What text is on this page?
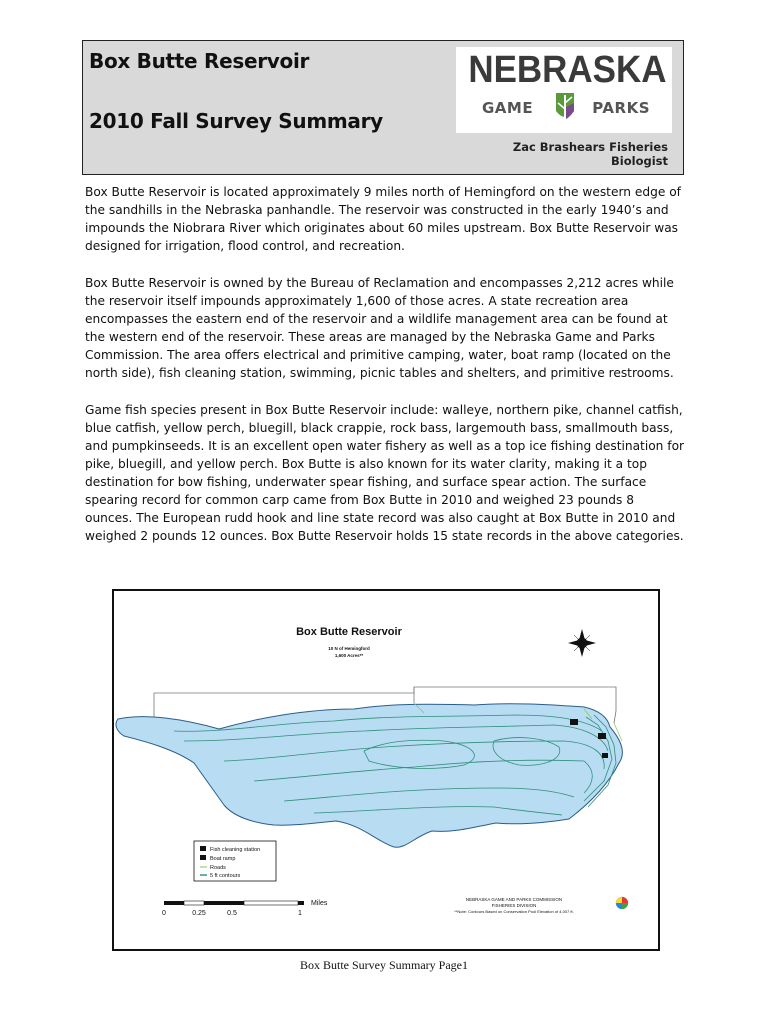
Box Butte Reservoir
2010 Fall Survey Summary
NEBRASKA
GAME	PARKS
Zac Brashears Fisheries Biologist

Box Butte Reservoir is located approximately 9 miles north of Hemingford on the western edge of the sandhills in the Nebraska panhandle. The reservoir was constructed in the early 1940’s and impounds the Niobrara River which originates about 60 miles upstream. Box Butte Reservoir was designed for irrigation, flood control, and recreation.

Box Butte Reservoir is owned by the Bureau of Reclamation and encompasses 2,212 acres while the reservoir itself impounds approximately 1,600 of those acres. A state recreation area encompasses the eastern end of the reservoir and a wildlife management area can be found at the western end of the reservoir. These areas are managed by the Nebraska Game and Parks Commission. The area offers electrical and primitive camping, water, boat ramp (located on the north side), fish cleaning station, swimming, picnic tables and shelters, and primitive restrooms.

Game fish species present in Box Butte Reservoir include: walleye, northern pike, channel catfish, blue catfish, yellow perch, bluegill, black crappie, rock bass, largemouth bass, smallmouth bass, and pumpkinseeds. It is an excellent open water fishery as well as a top ice fishing destination for pike, bluegill, and yellow perch. Box Butte is also known for its water clarity, making it a top destination for bow fishing, underwater spear fishing, and surface spear action. The surface spearing record for common carp came from Box Butte in 2010 and weighed 23 pounds 8 ounces. The European rudd hook and line state record was also caught at Box Butte in 2010 and weighed 2 pounds 12 ounces. Box Butte Reservoir holds 15 state records in the above categories.

Box Butte Reservoir
10 N of Hemingford
1,600 Acres**
Fish cleaning station
Boat ramp
Roads
5 ft contours
Miles
0	0.25	0.5	1
NEBRASKA GAME AND PARKS COMMISSION
FISHERIES DIVISION
**Note: Contours Based on Conservation Pool Elevation of 4,007 ft.
Box Butte Survey Summary Page1
